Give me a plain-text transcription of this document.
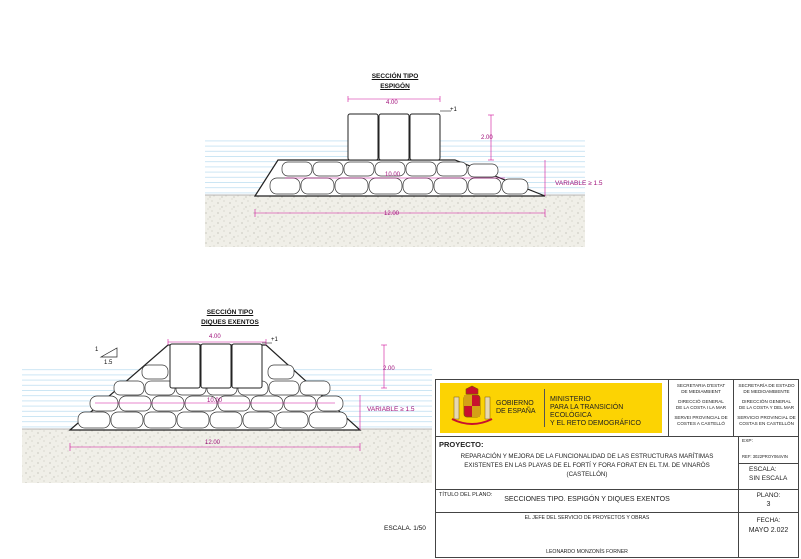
SECCIÓN TIPO
ESPIGÓN
4.00
+1
2.00
10.00
12.00
VARIABLE ≥ 1.5
SECCIÓN TIPO
DIQUES EXENTOS
4.00	+1
2.00
10.00
12.00
VARIABLE ≥ 1.5
1
1.5
ESCALA. 1/50
GOBIERNO
DE ESPAÑA
MINISTERIO
PARA LA TRANSICIÓN ECOLÓGICA
Y EL RETO DEMOGRÁFICO
SECRETARIA D'ESTAT
DE MEDIAMBIENT
DIRECCIÓ GENERAL
DE LA COSTA I LA MAR
SERVEI PROVINCIAL DE
COSTES A CASTELLÓ
SECRETARÍA DE ESTADO
DE MEDIOAMBIENTE
DIRECCIÓN GENERAL
DE LA COSTA Y DEL MAR
SERVICIO PROVINCIAL DE
COSTAS EN CASTELLÓN
PROYECTO:
REPARACIÓN Y MEJORA DE LA FUNCIONALIDAD DE LAS ESTRUCTURAS MARÍTIMAS
EXISTENTES EN LAS PLAYAS DE EL FORTÍ Y FORA FORAT EN EL T.M. DE VINARÒS
(CASTELLÓN)
EXP:
REF: 3022PROY064VIN
ESCALA:
SIN ESCALA
TÍTULO DEL PLANO:
SECCIONES TIPO. ESPIGÓN Y DIQUES EXENTOS
PLANO:
3
EL JEFE DEL SERVICIO DE PROYECTOS Y OBRAS
LEONARDO MONZONÍS FORNER
FECHA:
MAYO 2.022
